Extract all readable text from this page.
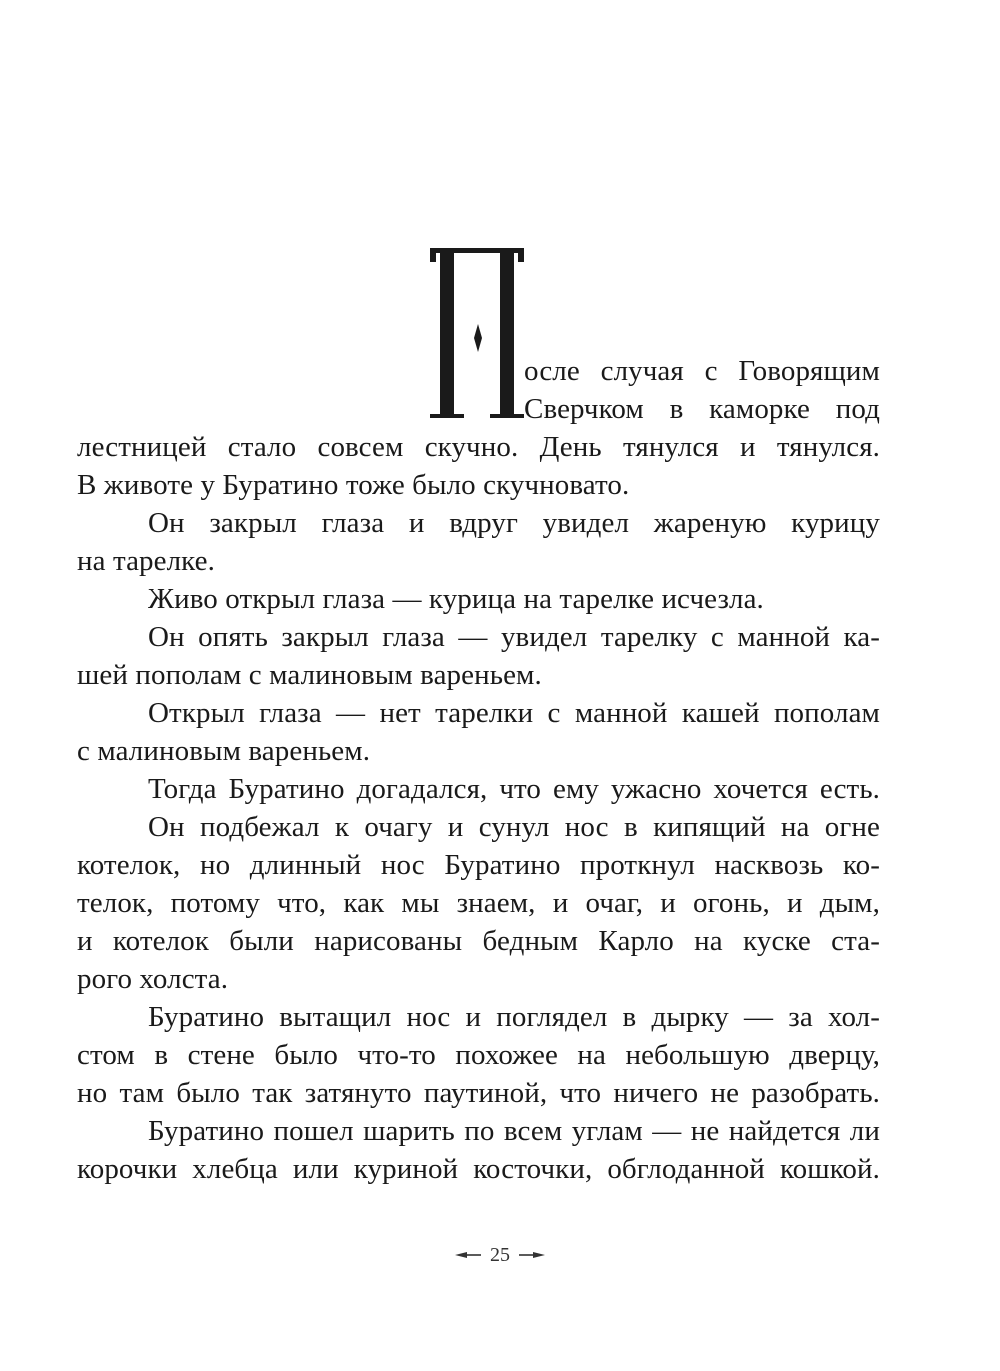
осле случая с Говорящим
Сверчком в каморке под
лестницей стало совсем скучно. День тянулся и тянулся.
В животе у Буратино тоже было скучновато.
Он закрыл глаза и вдруг увидел жареную курицу
на тарелке.
Живо открыл глаза — курица на тарелке исчезла.
Он опять закрыл глаза — увидел тарелку с манной ка-
шей пополам с малиновым вареньем.
Открыл глаза — нет тарелки с манной кашей пополам
с малиновым вареньем.
Тогда Буратино догадался, что ему ужасно хочется есть.
Он подбежал к очагу и сунул нос в кипящий на огне
котелок, но длинный нос Буратино проткнул насквозь ко-
телок, потому что, как мы знаем, и очаг, и огонь, и дым,
и котелок были нарисованы бедным Карло на куске ста-
рого холста.
Буратино вытащил нос и поглядел в дырку — за хол-
стом в стене было что-то похожее на небольшую дверцу,
но там было так затянуто паутиной, что ничего не разобрать.
Буратино пошел шарить по всем углам — не найдется ли
корочки хлебца или куриной косточки, обглоданной кошкой.
25
